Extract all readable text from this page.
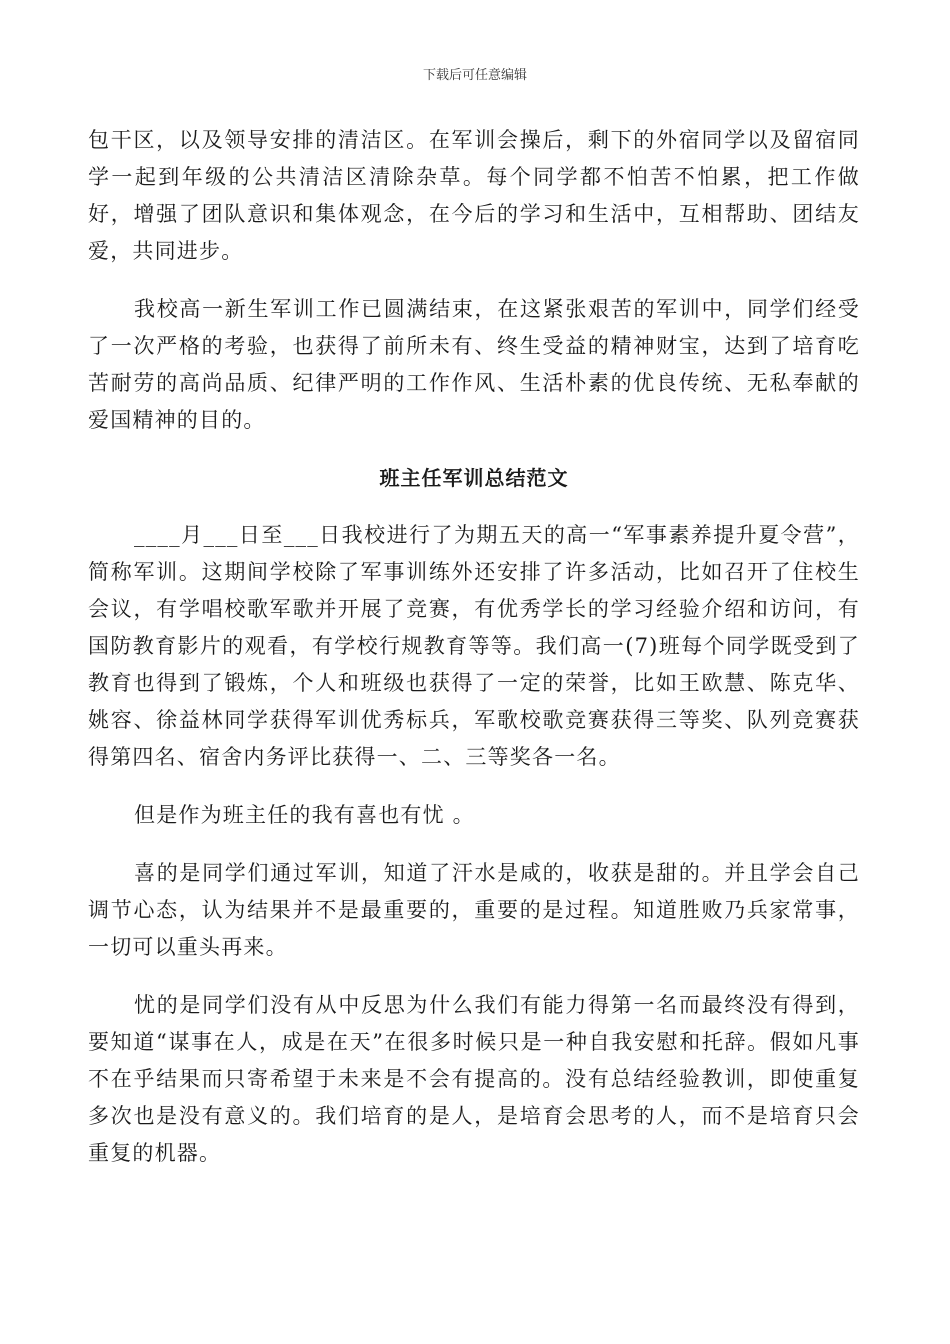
下载后可任意编辑

包干区，以及领导安排的清洁区。在军训会操后，剩下的外宿同学以及留宿同学一起到年级的公共清洁区清除杂草。每个同学都不怕苦不怕累，把工作做好，增强了团队意识和集体观念，在今后的学习和生活中，互相帮助、团结友爱，共同进步。

我校高一新生军训工作已圆满结束，在这紧张艰苦的军训中，同学们经受了一次严格的考验，也获得了前所未有、终生受益的精神财宝，达到了培育吃苦耐劳的高尚品质、纪律严明的工作作风、生活朴素的优良传统、无私奉献的爱国精神的目的。

班主任军训总结范文

____月___日至___日我校进行了为期五天的高一“军事素养提升夏令营”，简称军训。这期间学校除了军事训练外还安排了许多活动，比如召开了住校生会议，有学唱校歌军歌并开展了竞赛，有优秀学长的学习经验介绍和访问，有国防教育影片的观看，有学校行规教育等等。我们高一(7)班每个同学既受到了教育也得到了锻炼，个人和班级也获得了一定的荣誉，比如王欧慧、陈克华、姚容、徐益林同学获得军训优秀标兵，军歌校歌竞赛获得三等奖、队列竞赛获得第四名、宿舍内务评比获得一、二、三等奖各一名。

但是作为班主任的我有喜也有忧 。

喜的是同学们通过军训，知道了汗水是咸的，收获是甜的。并且学会自己调节心态，认为结果并不是最重要的，重要的是过程。知道胜败乃兵家常事，一切可以重头再来。

忧的是同学们没有从中反思为什么我们有能力得第一名而最终没有得到，要知道“谋事在人，成是在天”在很多时候只是一种自我安慰和托辞。假如凡事不在乎结果而只寄希望于未来是不会有提高的。没有总结经验教训，即使重复多次也是没有意义的。我们培育的是人，是培育会思考的人，而不是培育只会重复的机器。
